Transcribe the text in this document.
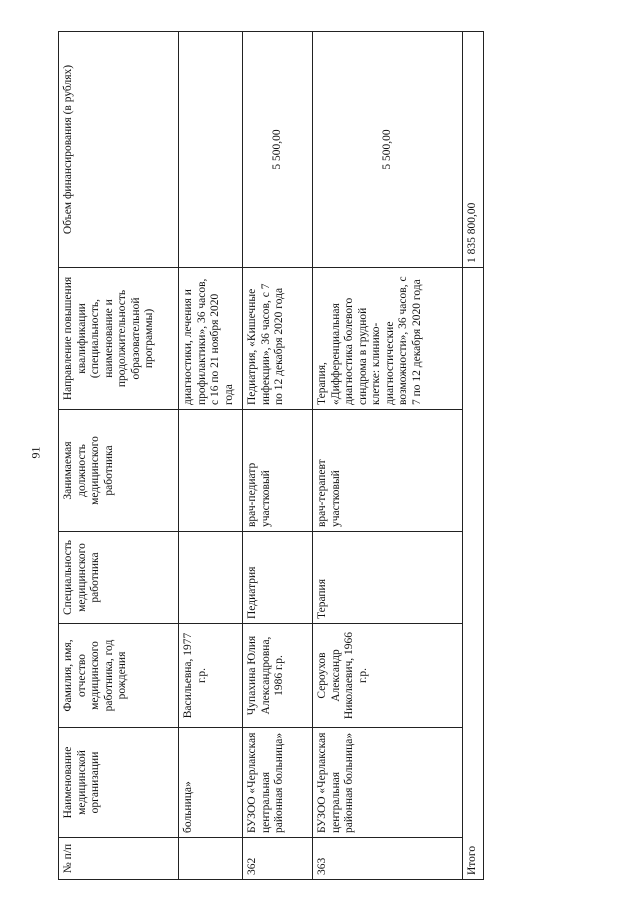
91
№ п/п	Наименование медицинской организации	Фамилия, имя, отчество медицинского работника, год рождения	Специальность медицинского работника	Занимаемая должность медицинского работника	Направление повышения квалификации (специальность, наименование и продолжительность образовательной программы)	Объем финансирования (в рублях)
	больница»	Васильевна, 1977 г.р.			диагностики, лечения и профилактики», 36 часов, с 16 по 21 ноября 2020 года	
362	БУЗОО «Черлакская центральная районная больница»	Чупахина Юлия Александровна, 1986 г.р.	Педиатрия	врач-педиатр участковый	Педиатрия, «Кишечные инфекции», 36 часов, с 7 по 12 декабря 2020 года	5 500,00
363	БУЗОО «Черлакская центральная районная больница»	Сероухов Александр Николаевич, 1966 г.р.	Терапия	врач-терапевт участковый	Терапия, «Дифференциальная диагностика болевого синдрома в грудной клетке: клинико-диагностические возможности», 36 часов, с 7 по 12 декабря 2020 года	5 500,00
Итого						1 835 800,00
